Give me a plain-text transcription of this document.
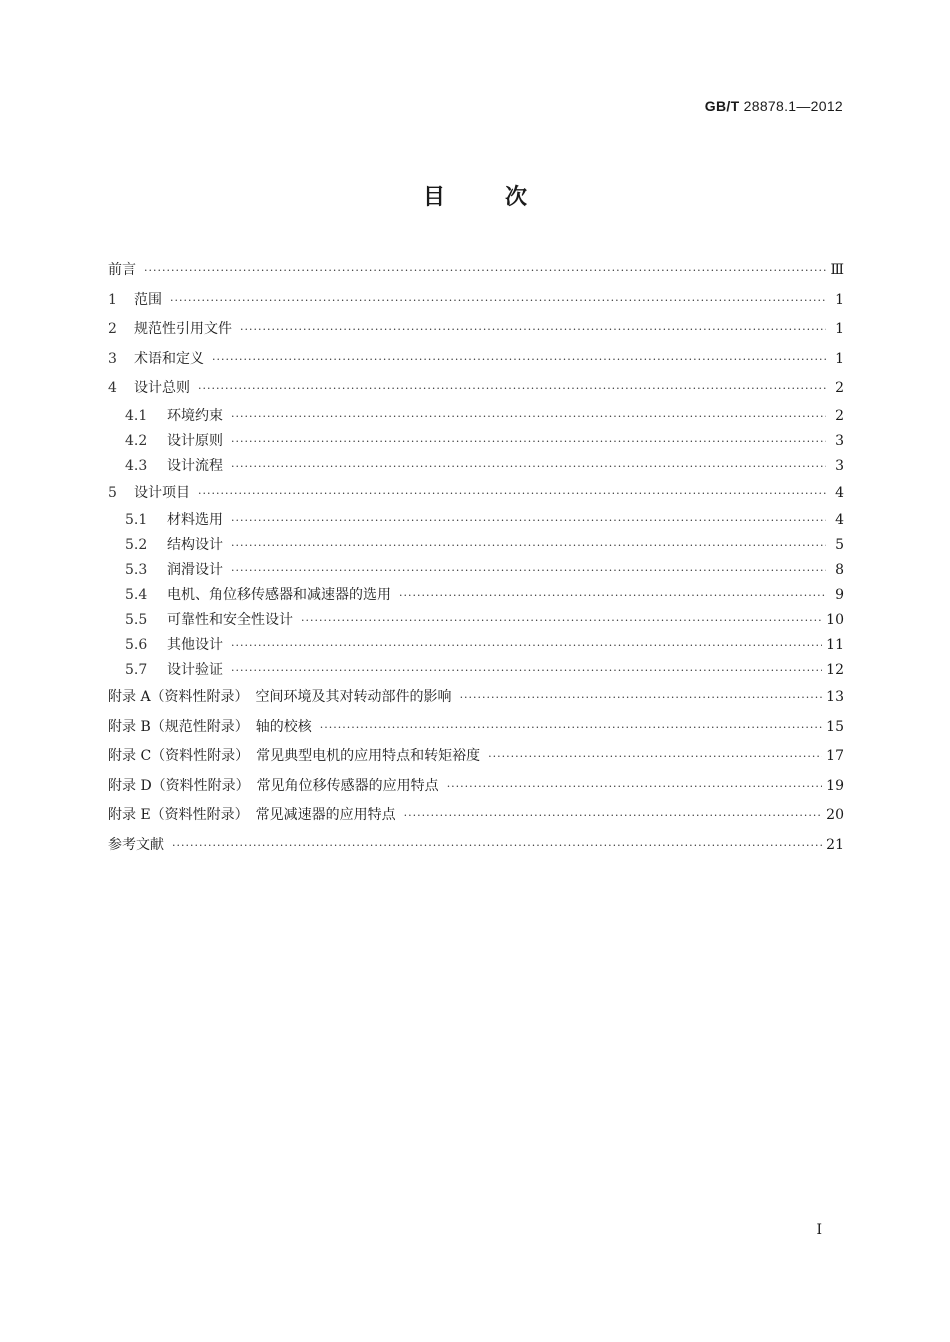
GB/T 28878.1—2012
目	次
前言 ·····	Ⅲ
1	范围 ·····	1
2	规范性引用文件 ·····	1
3	术语和定义 ·····	1
4	设计总则 ·····	2
4.1	环境约束 ·····	2
4.2	设计原则 ·····	3
4.3	设计流程 ·····	3
5	设计项目 ·····	4
5.1	材料选用 ·····	4
5.2	结构设计 ·····	5
5.3	润滑设计 ·····	8
5.4	电机、角位移传感器和减速器的选用 ·····	9
5.5	可靠性和安全性设计 ·····	10
5.6	其他设计 ·····	11
5.7	设计验证 ·····	12
附录 A（资料性附录）　空间环境及其对转动部件的影响 ·····	13
附录 B（规范性附录）　轴的校核 ·····	15
附录 C（资料性附录）　常见典型电机的应用特点和转矩裕度 ·····	17
附录 D（资料性附录）　常见角位移传感器的应用特点 ·····	19
附录 E（资料性附录）　常见减速器的应用特点 ·····	20
参考文献 ·····	21
I
